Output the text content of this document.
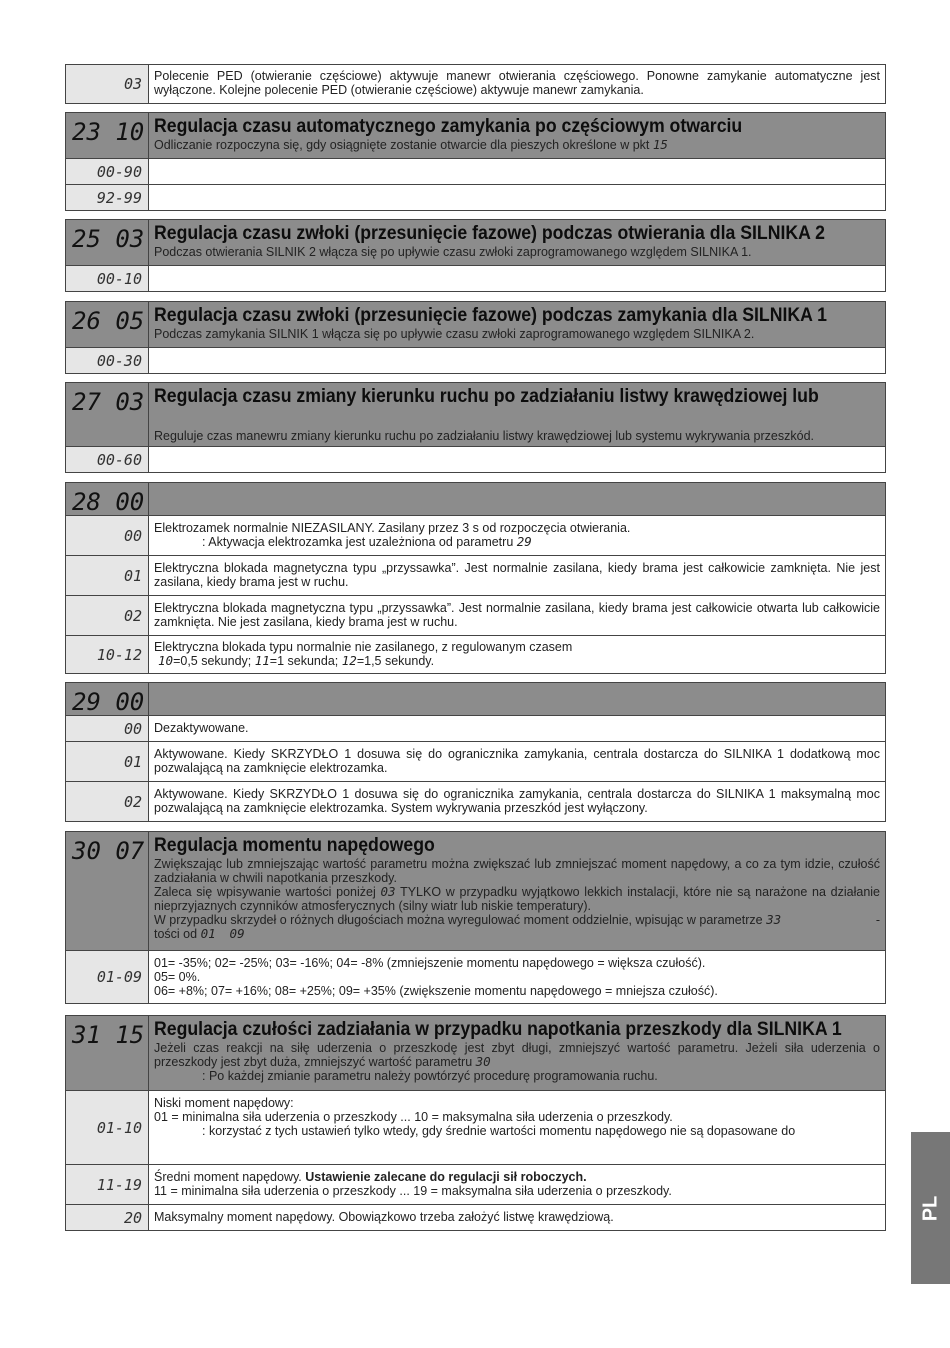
03 Polecenie PED (otwieranie częściowe) aktywuje manewr otwierania częściowego. Ponowne zamykanie automatyczne jest wyłączone. Kolejne polecenie PED (otwieranie częściowe) aktywuje manewr zamykania.
23 10 Regulacja czasu automatycznego zamykania po częściowym otwarciu
Odliczanie rozpoczyna się, gdy osiągnięte zostanie otwarcie dla pieszych określone w pkt 15
00-90
92-99
25 03 Regulacja czasu zwłoki (przesunięcie fazowe) podczas otwierania dla SILNIKA 2
Podczas otwierania SILNIK 2 włącza się po upływie czasu zwłoki zaprogramowanego względem SILNIKA 1.
00-10
26 05 Regulacja czasu zwłoki (przesunięcie fazowe) podczas zamykania dla SILNIKA 1
Podczas zamykania SILNIK 1 włącza się po upływie czasu zwłoki zaprogramowanego względem SILNIKA 2.
00-30
27 03 Regulacja czasu zmiany kierunku ruchu po zadziałaniu listwy krawędziowej lub
Reguluje czas manewru zmiany kierunku ruchu po zadziałaniu listwy krawędziowej lub systemu wykrywania przeszkód.
00-60
28 00
00 Elektrozamek normalnie NIEZASILANY. Zasilany przez 3 s od rozpoczęcia otwierania.
: Aktywacja elektrozamka jest uzależniona od parametru 29
01 Elektryczna blokada magnetyczna typu „przyssawka”. Jest normalnie zasilana, kiedy brama jest całkowicie zamknięta. Nie jest zasilana, kiedy brama jest w ruchu.
02 Elektryczna blokada magnetyczna typu „przyssawka”. Jest normalnie zasilana, kiedy brama jest całkowicie otwarta lub całkowicie zamknięta. Nie jest zasilana, kiedy brama jest w ruchu.
10-12 Elektryczna blokada typu normalnie nie zasilanego, z regulowanym czasem
10=0,5 sekundy; 11=1 sekunda; 12=1,5 sekundy.
29 00
00 Dezaktywowane.
01 Aktywowane. Kiedy SKRZYDŁO 1 dosuwa się do ogranicznika zamykania, centrala dostarcza do SILNIKA 1 dodatkową moc pozwalającą na zamknięcie elektrozamka.
02 Aktywowane. Kiedy SKRZYDŁO 1 dosuwa się do ogranicznika zamykania, centrala dostarcza do SILNIKA 1 maksymalną moc pozwalającą na zamknięcie elektrozamka. System wykrywania przeszkód jest wyłączony.
30 07 Regulacja momentu napędowego
Zwiększając lub zmniejszając wartość parametru można zwiększać lub zmniejszać moment napędowy, a co za tym idzie, czułość zadziałania w chwili napotkania przeszkody.
Zaleca się wpisywanie wartości poniżej 03 TYLKO w przypadku wyjątkowo lekkich instalacji, które nie są narażone na działanie nieprzyjaznych czynników atmosferycznych (silny wiatr lub niskie temperatury).
W przypadku skrzydeł o różnych długościach można wyregulować moment oddzielnie, wpisując w parametrze 33	-
tości od 01 09
01-09
01= -35%; 02= -25%; 03= -16%; 04= -8% (zmniejszenie momentu napędowego = większa czułość).
05= 0%.
06= +8%; 07= +16%; 08= +25%; 09= +35% (zwiększenie momentu napędowego = mniejsza czułość).
31 15 Regulacja czułości zadziałania w przypadku napotkania przeszkody dla SILNIKA 1
Jeżeli czas reakcji na siłę uderzenia o przeszkodę jest zbyt długi, zmniejszyć wartość parametru. Jeżeli siła uderzenia o przeszkody jest zbyt duża, zmniejszyć wartość parametru 30
: Po każdej zmianie parametru należy powtórzyć procedurę programowania ruchu.
01-10
Niski moment napędowy:
01 = minimalna siła uderzenia o przeszkody ... 10 = maksymalna siła uderzenia o przeszkody.
: korzystać z tych ustawień tylko wtedy, gdy średnie wartości momentu napędowego nie są dopasowane do
11-19 Średni moment napędowy. Ustawienie zalecane do regulacji sił roboczych.
11 = minimalna siła uderzenia o przeszkody ... 19 = maksymalna siła uderzenia o przeszkody.
20 Maksymalny moment napędowy. Obowiązkowo trzeba założyć listwę krawędziową.	PL
